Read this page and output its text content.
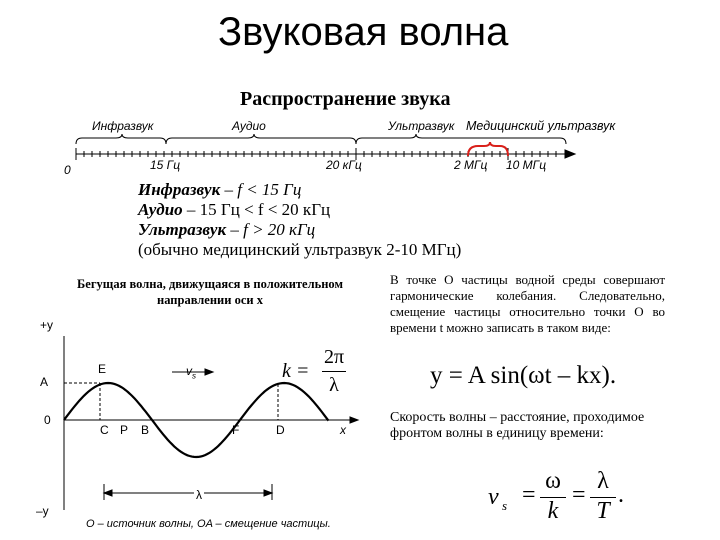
Звуковая волна
Распространение звука
Инфразвук	Аудио	Ультразвук Медицинский ультразвук
0	15 Гц	20 кГц	2 МГц 10 МГц
Инфразвук – f < 15 Гц
Аудио – 15 Гц < f < 20 кГц
Ультразвук – f > 20 кГц
(обычно медицинский ультразвук 2-10 МГц)
Бегущая волна, движущаяся в положительном направлении оси x
+y
A
0
–y
E
C P B	F	D	x
$v_s$
λ
O – источник волны, OA – смещение частицы.
k =
2π
λ
В точке O частицы водной среды совершают гармонические колебания. Следовательно, смещение частицы относительно точки O во времени t можно записать в таком виде:
y = A sin(ωt – kx).
Скорость волны – расстояние, проходимое фронтом волны в единицу времени:
v s =
ω
k
=
λ
T
.
